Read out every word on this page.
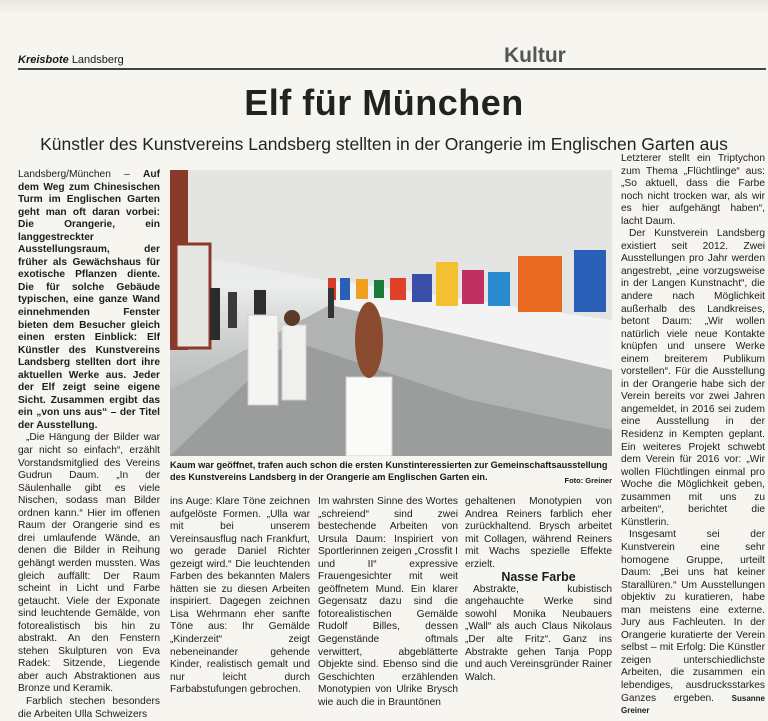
Kreisbote Landsberg	Kultur
Elf für München
Künstler des Kunstvereins Landsberg stellten in der Orangerie im Englischen Garten aus

Landsberg/München – Auf dem Weg zum Chinesischen Turm im Englischen Garten geht man oft daran vorbei: Die Orangerie, ein langgestreckter Ausstellungsraum, der früher als Gewächshaus für exotische Pflanzen diente. Die für solche Gebäude typischen, eine ganze Wand einnehmenden Fenster bieten dem Besucher gleich einen ersten Einblick: Elf Künstler des Kunstvereins Landsberg stellten dort ihre aktuellen Werke aus. Jeder der Elf zeigt seine eigene Sicht. Zusammen ergibt das ein „von uns aus“ – der Titel der Ausstellung.

„Die Hängung der Bilder war gar nicht so einfach“, erzählt Vorstandsmitglied des Vereins Gudrun Daum. „In der Säulenhalle gibt es viele Nischen, sodass man Bilder ordnen kann.“ Hier im offenen Raum der Orangerie sind es drei umlaufende Wände, an denen die Bilder in Reihung gehängt werden mussten. Was gleich auffällt: Der Raum scheint in Licht und Farbe getaucht. Viele der Exponate sind leuchtende Gemälde, von fotorealistisch bis hin zu abstrakt. An den Fenstern stehen Skulpturen von Eva Radek: Sitzende, Liegende aber auch Abstraktionen aus Bronze und Keramik.

Farblich stechen besonders die Arbeiten Ulla Schweizers

Kaum war geöffnet, trafen auch schon die ersten Kunstinteressierten zur Gemeinschaftsausstellung des Kunstvereins Landsberg in der Orangerie am Englischen Garten ein.	Foto: Greiner

ins Auge: Klare Töne zeichnen aufgelöste Formen. „Ulla war mit bei unserem Vereinsausflug nach Frankfurt, wo gerade Daniel Richter gezeigt wird.“ Die leuchtenden Farben des bekannten Malers hätten sie zu diesen Arbeiten inspiriert. Dagegen zeichnen Lisa Wehrmann eher sanfte Töne aus: Ihr Gemälde „Kinderzeit“ zeigt nebeneinander gehende Kinder, realistisch gemalt und nur leicht durch Farbabstufungen gebrochen.

Im wahrsten Sinne des Wortes „schreiend“ sind zwei bestechende Arbeiten von Ursula Daum: Inspiriert von Sportlerinnen zeigen „Crossfit I und II“ expressive Frauengesichter mit weit geöffnetem Mund. Ein klarer Gegensatz dazu sind die fotorealistischen Gemälde Rudolf Billes, dessen Gegenstände oftmals verwittert, abgeblätterte Objekte sind. Ebenso sind die Geschichten erzählenden Monotypien von Ulrike Brysch wie auch die in Brauntönen

gehaltenen Monotypien von Andrea Reiners farblich eher zurückhaltend. Brysch arbeitet mit Collagen, während Reiners mit Wachs spezielle Effekte erzielt.

Nasse Farbe

Abstrakte, kubistisch angehauchte Werke sind sowohl Monika Neubauers „Wall“ als auch Claus Nikolaus „Der alte Fritz“. Ganz ins Abstrakte gehen Tanja Popp und auch Vereinsgründer Rainer Walch.

Letzterer stellt ein Triptychon zum Thema „Flüchtlinge“ aus: „So aktuell, dass die Farbe noch nicht trocken war, als wir es hier aufgehängt haben“, lacht Daum.

Der Kunstverein Landsberg existiert seit 2012. Zwei Ausstellungen pro Jahr werden angestrebt, „eine vorzugsweise in der Langen Kunstnacht“, die andere nach Möglichkeit außerhalb des Landkreises, betont Daum: „Wir wollen natürlich viele neue Kontakte knüpfen und unsere Werke einem breiterem Publikum vorstellen“. Für die Ausstellung in der Orangerie habe sich der Verein bereits vor zwei Jahren angemeldet, in 2016 sei zudem eine Ausstellung in der Residenz in Kempten geplant. Ein weiteres Projekt schwebt dem Verein für 2016 vor: „Wir wollen Flüchtlingen einmal pro Woche die Möglichkeit geben, zusammen mit uns zu arbeiten“, berichtet die Künstlerin.

Insgesamt sei der Kunstverein eine sehr homogene Gruppe, urteilt Daum: „Bei uns hat keiner Starallüren.“ Um Ausstellungen objektiv zu kuratieren, habe man meistens eine externe. Jury aus Fachleuten. In der Orangerie kuratierte der Verein selbst – mit Erfolg: Die Künstler zeigen unterschiedlichste Arbeiten, die zusammen ein lebendiges, ausdrucksstarkes Ganzes ergeben. Susanne Greiner
